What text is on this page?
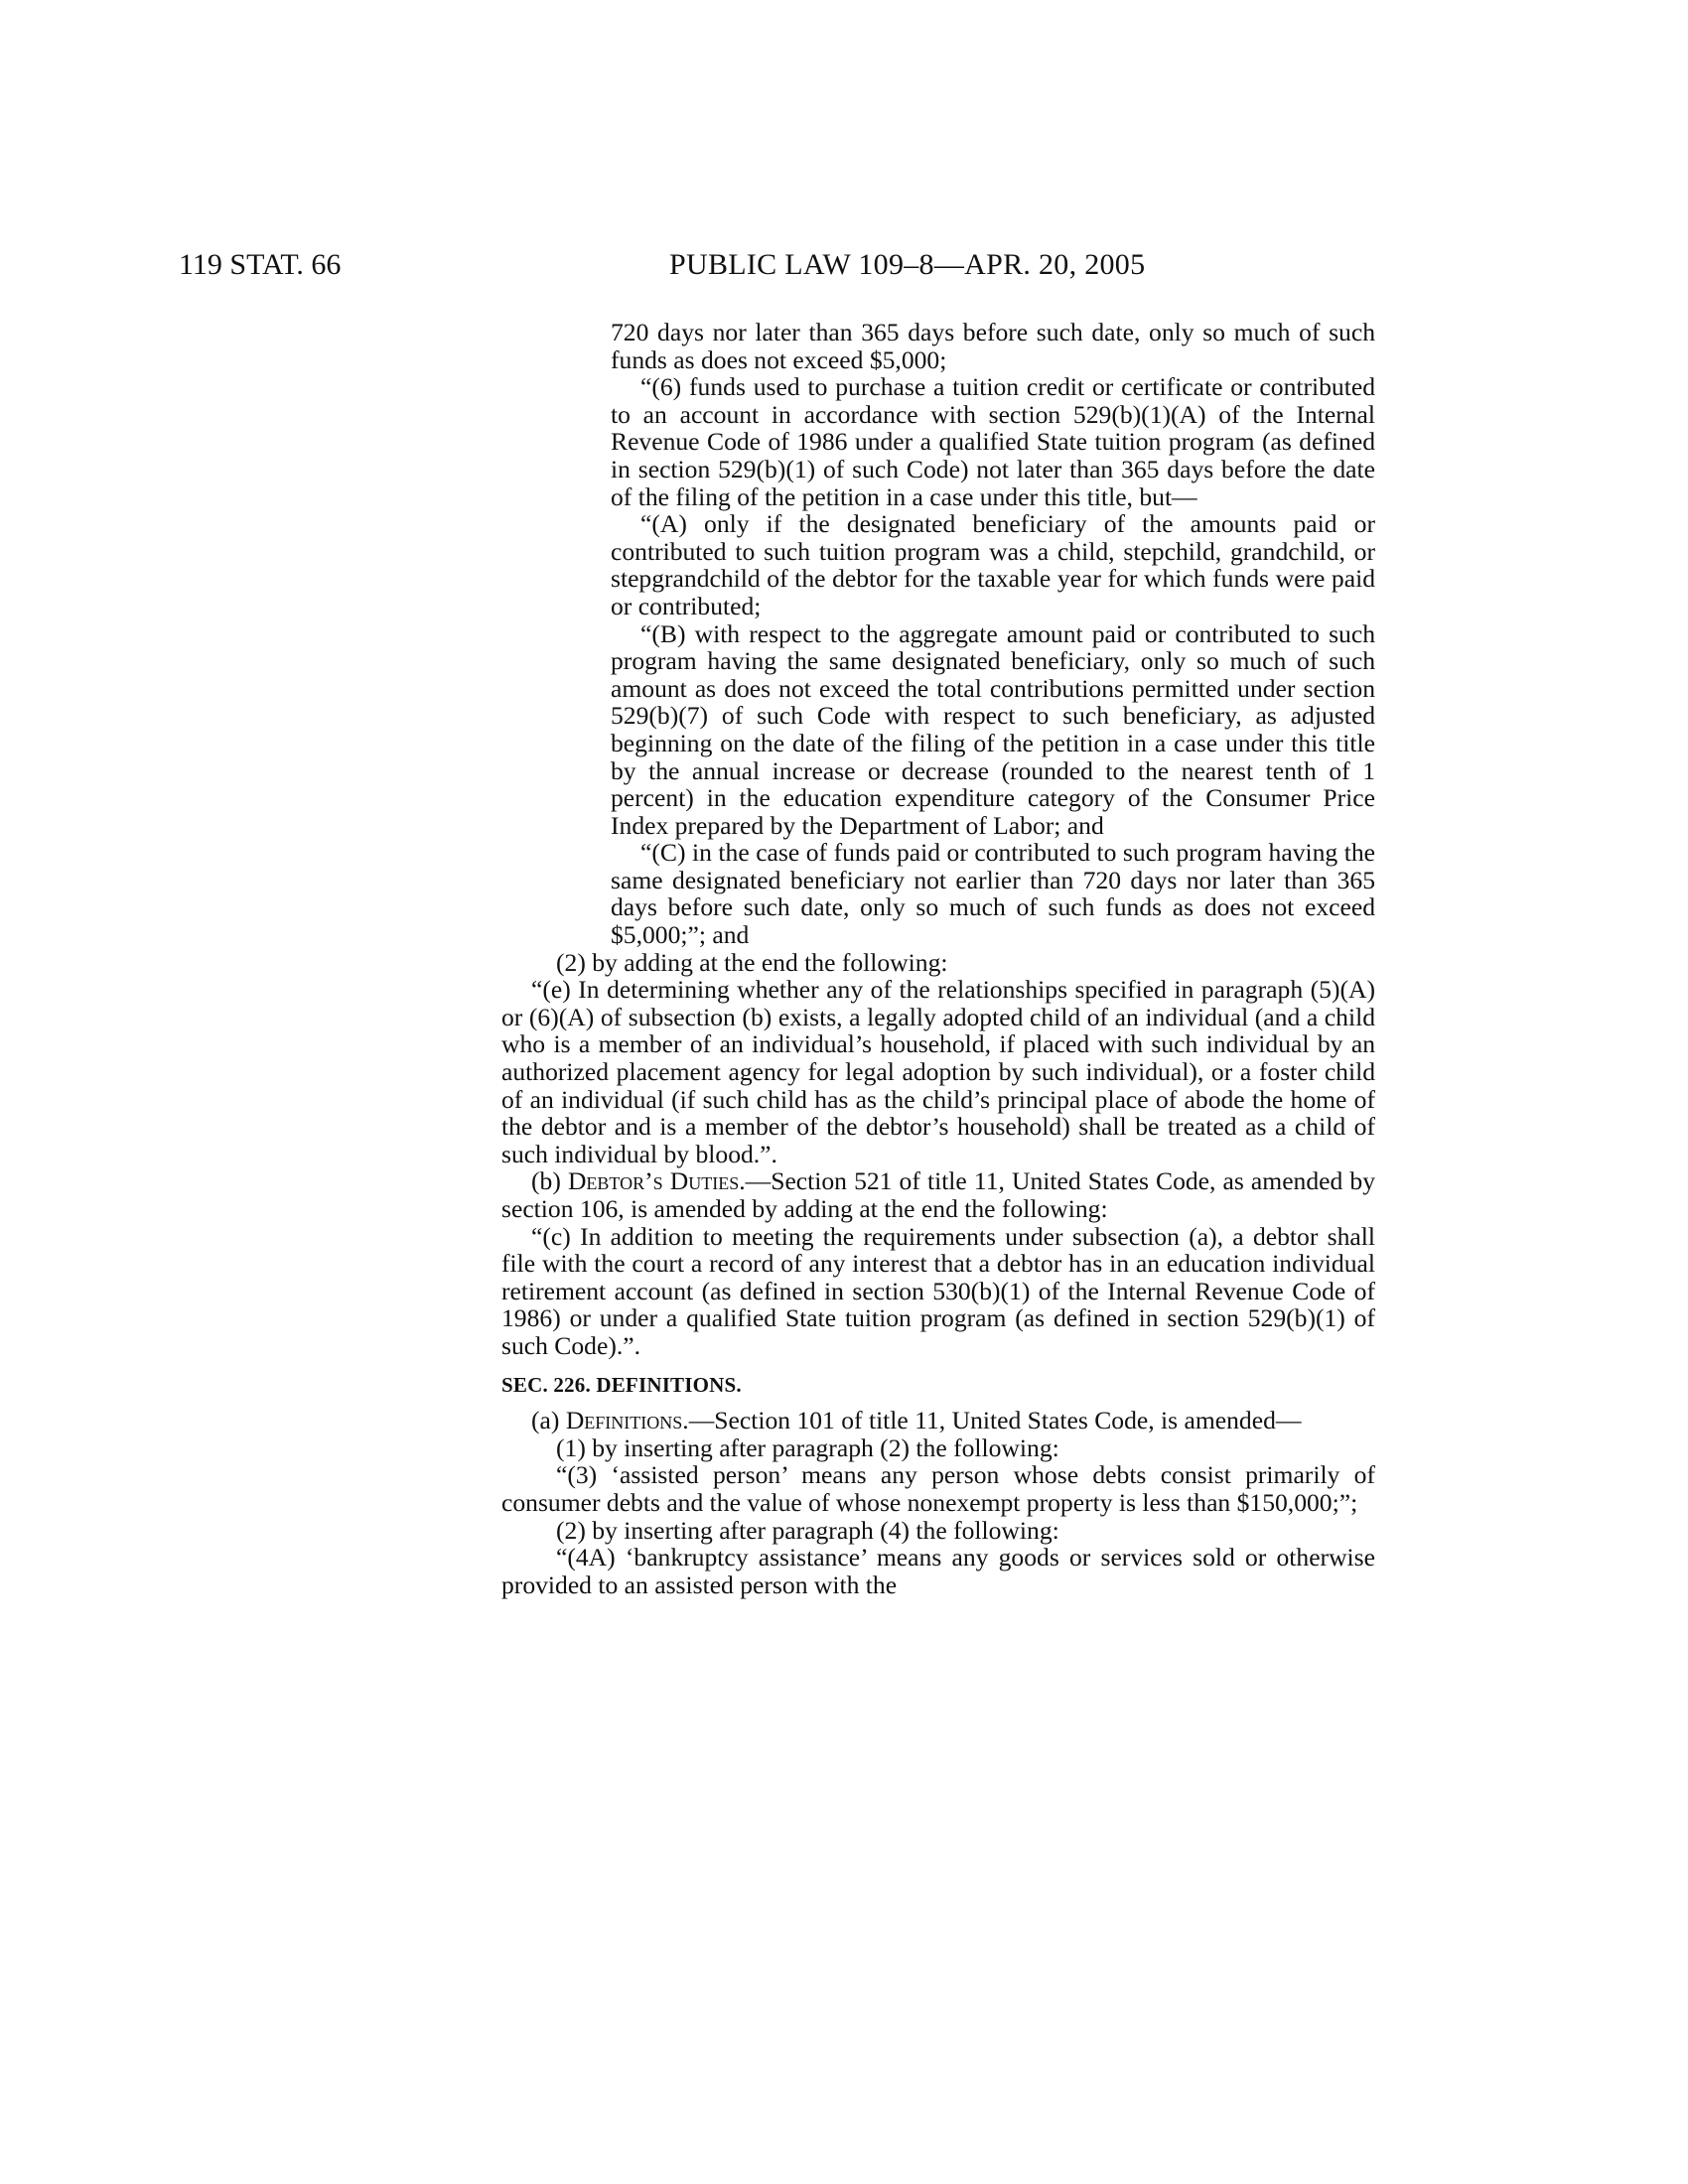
119 STAT. 66	PUBLIC LAW 109–8—APR. 20, 2005

720 days nor later than 365 days before such date, only so much of such funds as does not exceed $5,000;

“(6) funds used to purchase a tuition credit or certificate or contributed to an account in accordance with section 529(b)(1)(A) of the Internal Revenue Code of 1986 under a qualified State tuition program (as defined in section 529(b)(1) of such Code) not later than 365 days before the date of the filing of the petition in a case under this title, but—

“(A) only if the designated beneficiary of the amounts paid or contributed to such tuition program was a child, stepchild, grandchild, or stepgrandchild of the debtor for the taxable year for which funds were paid or contributed;

“(B) with respect to the aggregate amount paid or contributed to such program having the same designated beneficiary, only so much of such amount as does not exceed the total contributions permitted under section 529(b)(7) of such Code with respect to such beneficiary, as adjusted beginning on the date of the filing of the petition in a case under this title by the annual increase or decrease (rounded to the nearest tenth of 1 percent) in the education expenditure category of the Consumer Price Index prepared by the Department of Labor; and

“(C) in the case of funds paid or contributed to such program having the same designated beneficiary not earlier than 720 days nor later than 365 days before such date, only so much of such funds as does not exceed $5,000;”; and

(2) by adding at the end the following:

“(e) In determining whether any of the relationships specified in paragraph (5)(A) or (6)(A) of subsection (b) exists, a legally adopted child of an individual (and a child who is a member of an individual’s household, if placed with such individual by an authorized placement agency for legal adoption by such individual), or a foster child of an individual (if such child has as the child’s principal place of abode the home of the debtor and is a member of the debtor’s household) shall be treated as a child of such individual by blood.”.

(b) Debtor’s Duties.—Section 521 of title 11, United States Code, as amended by section 106, is amended by adding at the end the following:

“(c) In addition to meeting the requirements under subsection (a), a debtor shall file with the court a record of any interest that a debtor has in an education individual retirement account (as defined in section 530(b)(1) of the Internal Revenue Code of 1986) or under a qualified State tuition program (as defined in section 529(b)(1) of such Code).”.

SEC. 226. DEFINITIONS.

(a) Definitions.—Section 101 of title 11, United States Code, is amended—

(1) by inserting after paragraph (2) the following:

“(3) ‘assisted person’ means any person whose debts consist primarily of consumer debts and the value of whose nonexempt property is less than $150,000;”;

(2) by inserting after paragraph (4) the following:

“(4A) ‘bankruptcy assistance’ means any goods or services sold or otherwise provided to an assisted person with the
